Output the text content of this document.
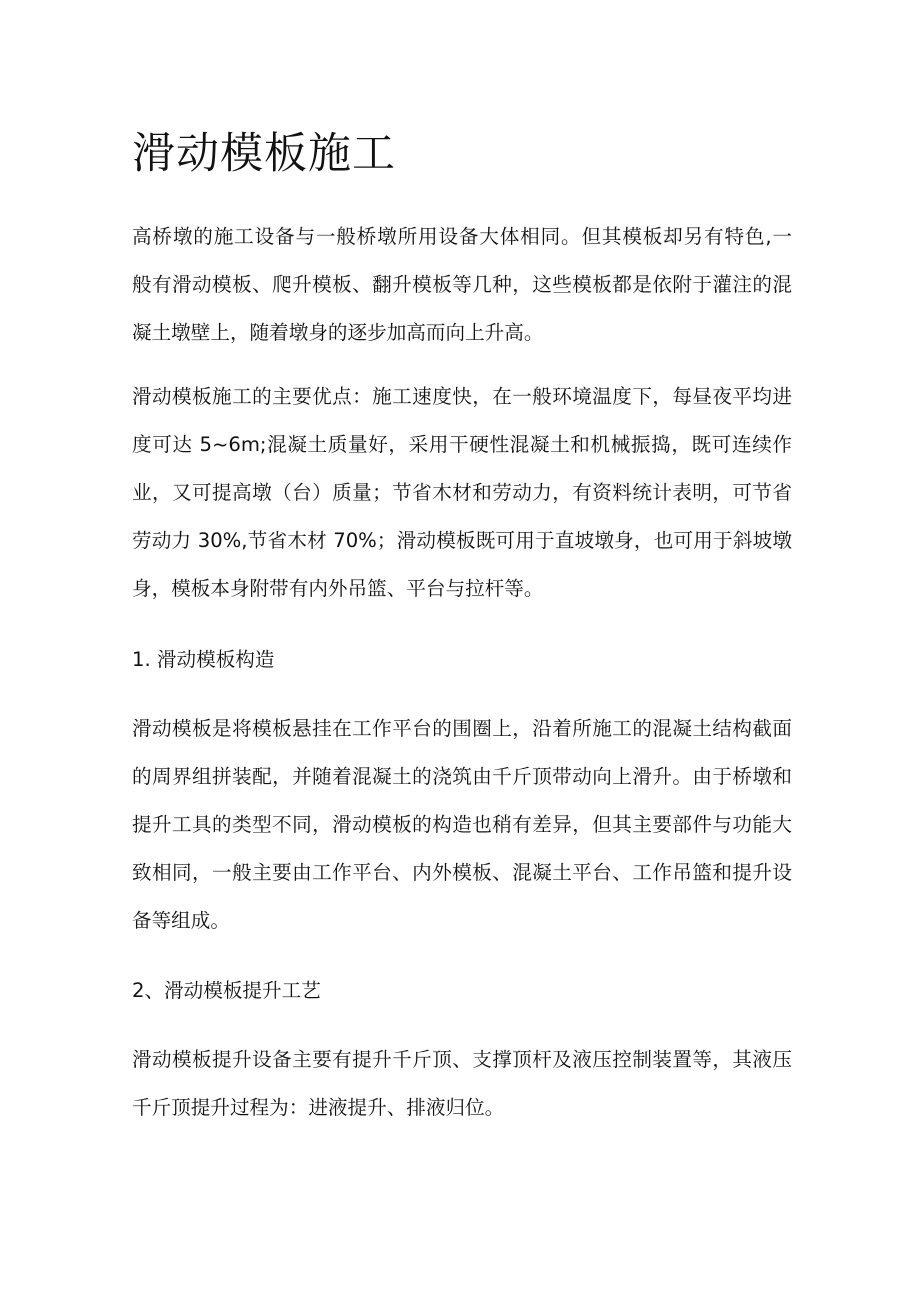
滑动模板施工

高桥墩的施工设备与一般桥墩所用设备大体相同。但其模板却另有特色,一
般有滑动模板、爬升模板、翻升模板等几种，这些模板都是依附于灌注的混
凝土墩壁上，随着墩身的逐步加高而向上升高。

滑动模板施工的主要优点：施工速度快，在一般环境温度下，每昼夜平均进
度可达 5~6m;混凝土质量好，采用干硬性混凝土和机械振捣，既可连续作
业，又可提高墩（台）质量；节省木材和劳动力，有资料统计表明，可节省
劳动力 30%,节省木材 70%；滑动模板既可用于直坡墩身，也可用于斜坡墩
身，模板本身附带有内外吊篮、平台与拉杆等。

1. 滑动模板构造

滑动模板是将模板悬挂在工作平台的围圈上，沿着所施工的混凝土结构截面
的周界组拼装配，并随着混凝土的浇筑由千斤顶带动向上滑升。由于桥墩和
提升工具的类型不同，滑动模板的构造也稍有差异，但其主要部件与功能大
致相同，一般主要由工作平台、内外模板、混凝土平台、工作吊篮和提升设
备等组成。

2、滑动模板提升工艺

滑动模板提升设备主要有提升千斤顶、支撑顶杆及液压控制装置等，其液压
千斤顶提升过程为：进液提升、排液归位。
